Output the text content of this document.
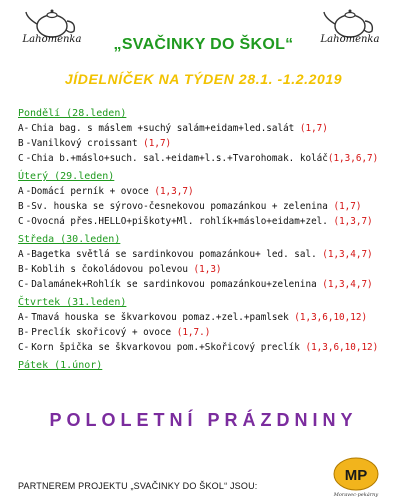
Lahomenka	Lahomenka
„SVAČINKY DO ŠKOL“
JÍDELNÍČEK NA TÝDEN 28.1. -1.2.2019
Pondělí (28.leden)
A- Chia bag. s máslem +suchý salám+eidam+led.salát (1,7)
B -Vanilkový croissant (1,7)
C -Chia b.+máslo+such. sal.+eidam+l.s.+Tvarohomak. koláč(1,3,6,7)
Úterý (29.leden)
A -Domácí perník + ovoce (1,3,7)
B -Sv. houska se sýrovo-česnekovou pomazánkou + zelenina (1,7)
C -Ovocná přes.HELLO+piškoty+Ml. rohlík+máslo+eidam+zel. (1,3,7)
Středa (30.leden)
A -Bagetka světlá se sardinkovou pomazánkou+ led. sal. (1,3,4,7)
B- Koblih s čokoládovou polevou (1,3)
C- Dalamánek+Rohlík se sardinkovou pomazánkou+zelenina (1,3,4,7)
Čtvrtek (31.leden)
A- Tmavá houska se škvarkovou pomaz.+zel.+pamlsek (1,3,6,10,12)
B- Preclík skořicový + ovoce (1,7.)
C- Korn špička se škvarkovou pom.+Skořicový preclík (1,3,6,10,12)
Pátek (1.únor)
POLOLETNÍ PRÁZDNINY
PARTNEREM PROJEKTU „SVAČINKY DO ŠKOL“ JSOU:
MP
Moravec-pekárny
